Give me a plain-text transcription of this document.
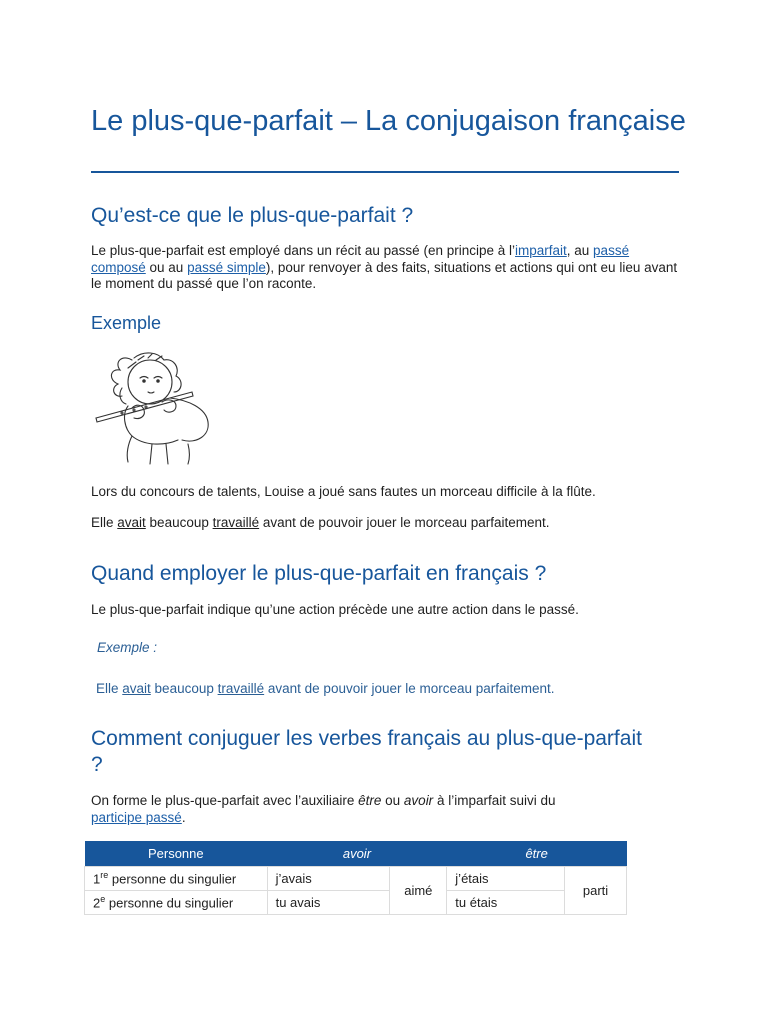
Le plus-que-parfait – La conjugaison française
Qu’est-ce que le plus-que-parfait ?

Le plus-que-parfait est employé dans un récit au passé (en principe à l’imparfait, au passé composé ou au passé simple), pour renvoyer à des faits, situations et actions qui ont eu lieu avant le moment du passé que l’on raconte.

Exemple

Lors du concours de talents, Louise a joué sans fautes un morceau difficile à la flûte.

Elle avait beaucoup travaillé avant de pouvoir jouer le morceau parfaitement.

Quand employer le plus-que-parfait en français ?

Le plus-que-parfait indique qu’une action précède une autre action dans le passé.

Exemple :

Elle avait beaucoup travaillé avant de pouvoir jouer le morceau parfaitement.

Comment conjuguer les verbes français au plus-que-parfait ?

On forme le plus-que-parfait avec l’auxiliaire être ou avoir à l’imparfait suivi du participe passé.

Personne	avoir		être	
1re personne du singulier	j’avais	aimé	j’étais	parti
2e personne du singulier	tu avais		tu étais	
